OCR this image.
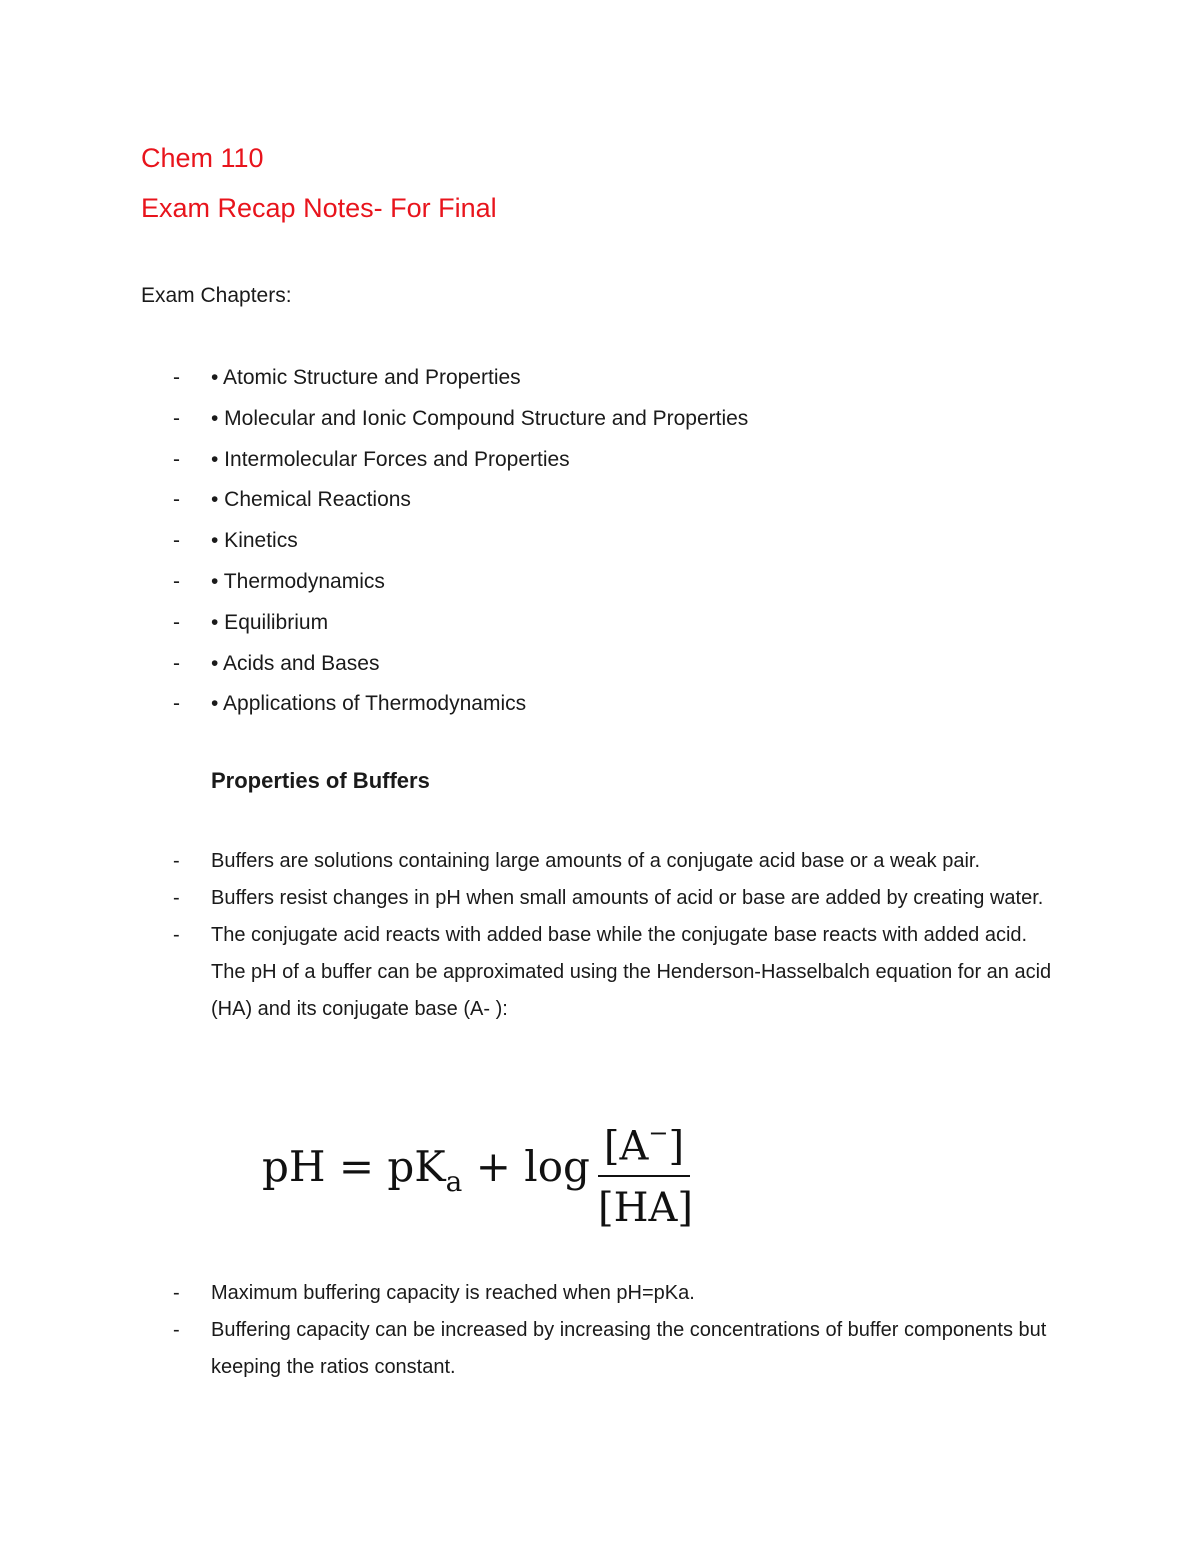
Chem 110
Exam Recap Notes- For Final
Exam Chapters:
- • Atomic Structure and Properties
- • Molecular and Ionic Compound Structure and Properties
- • Intermolecular Forces and Properties
- • Chemical Reactions
- • Kinetics
- • Thermodynamics
- • Equilibrium
- • Acids and Bases
- • Applications of Thermodynamics
Properties of Buffers
- Buffers are solutions containing large amounts of a conjugate acid base or a weak pair.
- Buffers resist changes in pH when small amounts of acid or base are added by creating water.
- The conjugate acid reacts with added base while the conjugate base reacts with added acid. The pH of a buffer can be approximated using the Henderson-Hasselbalch equation for an acid (HA) and its conjugate base (A- ):
pH = $pK_a + \log [A^-]$
[HA]
- Maximum buffering capacity is reached when pH=pKa.
- Buffering capacity can be increased by increasing the concentrations of buffer components but keeping the ratios constant.
